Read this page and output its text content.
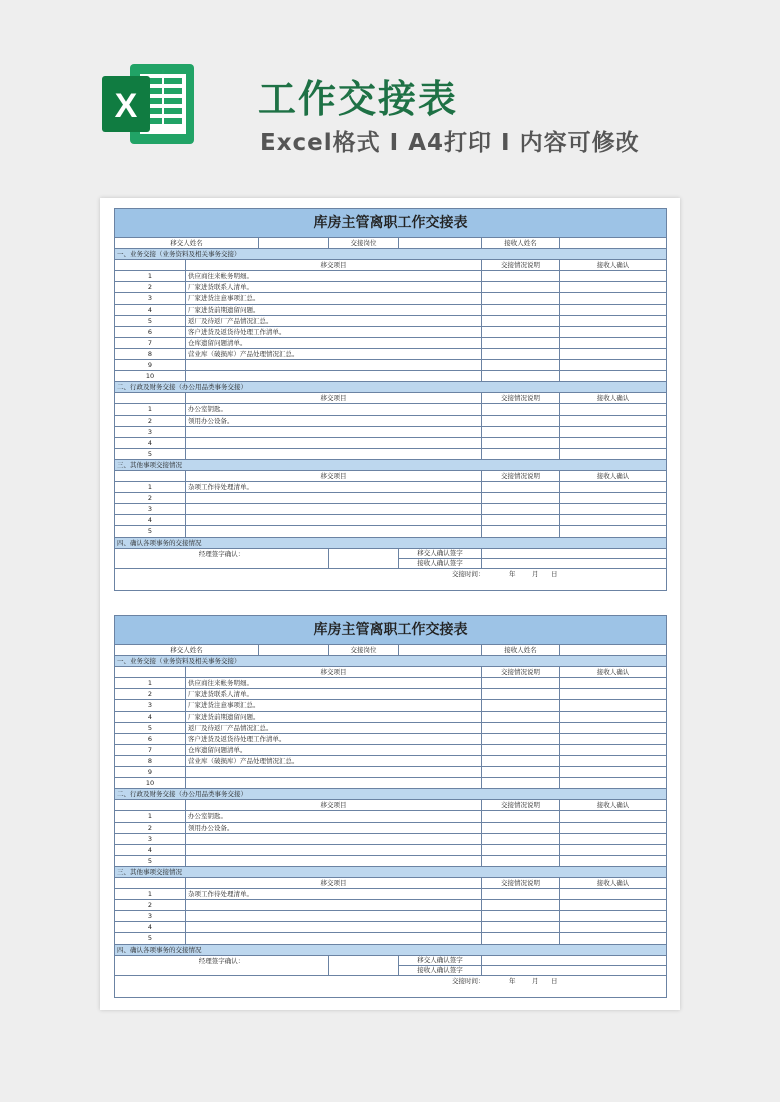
X	工作交接表
Excel格式 I A4打印 I 内容可修改
库房主管离职工作交接表
移交人姓名	交接岗位	接收人姓名
一、业务交接（业务资料及相关事务交接）
移交项目	交接情况说明	接收人确认
1	供应商往来帐务明细。
2	厂家进货联系人清单。
3	厂家进货注意事项汇总。
4	厂家进货前期遗留问题。
5	返厂及待返厂产品情况汇总。
6	客户进货及返货待处理工作清单。
7	仓库遗留问题清单。
8	营业库（破损库）产品处理情况汇总。
9
10
二、行政及财务交接（办公用品类事务交接）
移交项目	交接情况说明	接收人确认
1	办公室钥匙。
2	领用办公设备。
3
4
5
三、其他事项交接情况
移交项目	交接情况说明	接收人确认
1	杂项工作待处理清单。
2
3
4
5
四、确认各项事务的交接情况
经理签字确认：	移交人确认签字
接收人确认签字
交接时间：	年	月 日
库房主管离职工作交接表
移交人姓名	交接岗位	接收人姓名
一、业务交接（业务资料及相关事务交接）
移交项目	交接情况说明	接收人确认
1	供应商往来帐务明细。
2	厂家进货联系人清单。
3	厂家进货注意事项汇总。
4	厂家进货前期遗留问题。
5	返厂及待返厂产品情况汇总。
6	客户进货及返货待处理工作清单。
7	仓库遗留问题清单。
8	营业库（破损库）产品处理情况汇总。
9
10
二、行政及财务交接（办公用品类事务交接）
移交项目	交接情况说明	接收人确认
1	办公室钥匙。
2	领用办公设备。
3
4
5
三、其他事项交接情况
移交项目	交接情况说明	接收人确认
1	杂项工作待处理清单。
2
3
4
5
四、确认各项事务的交接情况
经理签字确认：	移交人确认签字
接收人确认签字
交接时间：	年	月 日
